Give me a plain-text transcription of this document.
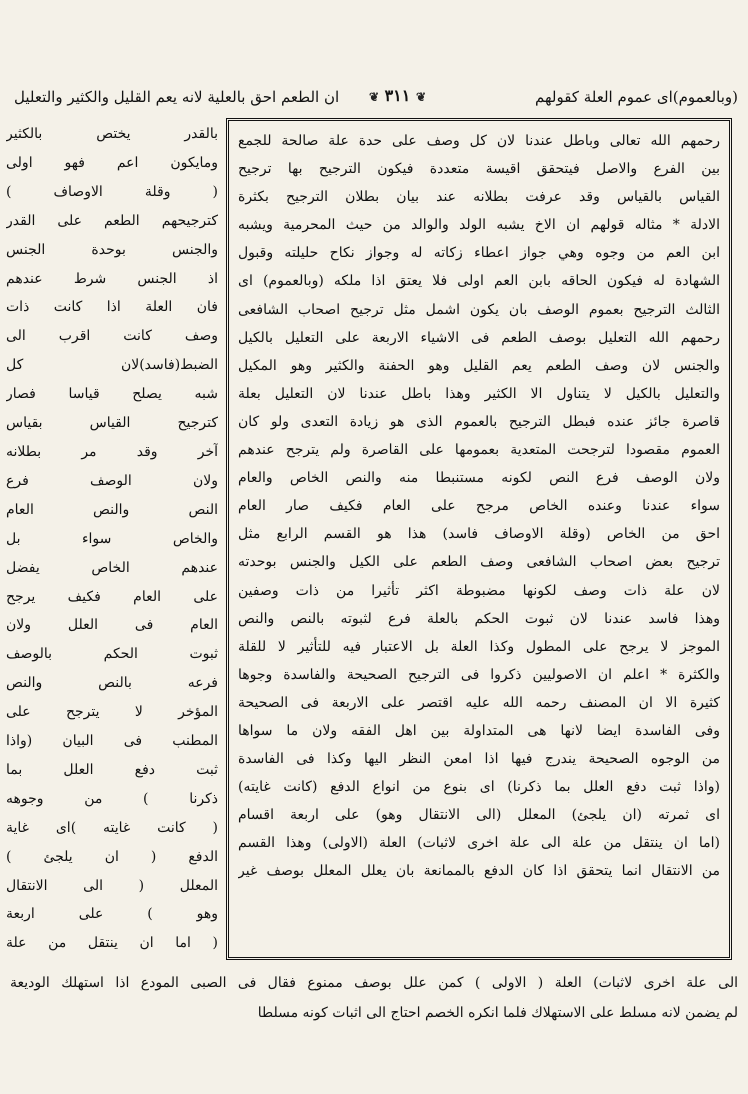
(وبالعموم)ای عموم العلة كقولهم
❦ ٣١١ ❦
ان الطعم احق بالعلية لانه يعم القليل والكثير والتعليل
رحمهم الله تعالى وباطل عندنا لان كل وصف على حدة علة صالحة للجمع
بين الفرع والاصل فيتحقق اقيسة متعددة فيكون الترجيح بها ترجيح
القياس بالقياس وقد عرفت بطلانه عند بيان بطلان الترجيح بكثرة
الادلة * مثاله قولهم ان الاخ يشبه الولد والوالد من حيث المحرمية ويشبه
ابن العم من وجوه وهي جواز اعطاء زكاته له وجواز نكاح حليلته وقبول
الشهادة له فيكون الحاقه بابن العم اولى فلا يعتق اذا ملكه (وبالعموم) اى
الثالث الترجيح بعموم الوصف بان يكون اشمل مثل ترجيح اصحاب الشافعى
رحمهم الله التعليل بوصف الطعم فى الاشياء الاربعة على التعليل بالكيل
والجنس لان وصف الطعم يعم القليل وهو الحفنة والكثير وهو المكيل
والتعليل بالكيل لا يتناول الا الكثير وهذا باطل عندنا لان التعليل بعلة
قاصرة جائز عنده فبطل الترجيح بالعموم الذى هو زيادة التعدى ولو كان
العموم مقصودا لترجحت المتعدية بعمومها على القاصرة ولم يترجح عندهم
ولان الوصف فرع النص لكونه مستنبطا منه والنص الخاص والعام
سواء عندنا وعنده الخاص مرجح على العام فكيف صار العام
احق من الخاص (وقلة الاوصاف فاسد) هذا هو القسم الرابع مثل
ترجيح بعض اصحاب الشافعى وصف الطعم على الكيل والجنس بوحدته
لان علة ذات وصف لكونها مضبوطة اكثر تأثيرا من ذات وصفين
وهذا فاسد عندنا لان ثبوت الحكم بالعلة فرع لثبوته بالنص والنص
الموجز لا يرجح على المطول وكذا العلة بل الاعتبار فيه للتأثير لا للقلة
والكثرة * اعلم ان الاصوليين ذكروا فى الترجيح الصحيحة والفاسدة وجوها
كثيرة الا ان المصنف رحمه الله عليه اقتصر على الاربعة فى الصحيحة
وفى الفاسدة ايضا لانها هى المتداولة بين اهل الفقه ولان ما سواها
من الوجوه الصحيحة يندرج فيها اذا امعن النظر اليها وكذا فى الفاسدة
(واذا ثبت دفع العلل بما ذكرنا) اى بنوع من انواع الدفع (كانت غايته)
اى ثمرته (ان يلجئ) المعلل (الى الانتقال وهو) على اربعة اقسام
(اما ان ينتقل من علة الى علة اخرى لاثبات) العلة (الاولى) وهذا القسم
من الانتقال انما يتحقق اذا كان الدفع بالممانعة بان يعلل المعلل بوصف غير
بالقدر يختص بالكثير
ومايكون اعم فهو اولى
( وقلة الاوصاف )
كترجيحهم الطعم على القدر
والجنس بوحدة الجنس
اذ الجنس شرط عندهم
فان العلة اذا كانت ذات
وصف كانت اقرب الى
الضبط(فاسد)لان كل
شبه يصلح قياسا فصار
كترجيح القياس بقياس
آخر وقد مر بطلانه
ولان الوصف فرع
النص والنص العام
والخاص سواء بل
عندهم الخاص يفضل
على العام فكيف يرجح
العام فى العلل ولان
ثبوت الحكم بالوصف
فرعه بالنص والنص
المؤخر لا يترجح على
المطنب فى البيان (واذا
ثبت دفع العلل بما
ذكرنا ) من وجوهه
( كانت غايته )اى غاية
الدفع ( ان يلجئ )
المعلل ( الى الانتقال
وهو ) على اربعة
( اما ان ينتقل من علة
الى علة اخرى لاثبات) العلة ( الاولى ) كمن علل بوصف ممنوع فقال فى الصبى المودع اذا استهلك الوديعة
لم يضمن لانه مسلط على الاستهلاك فلما انكره الخصم احتاج الى اثبات كونه مسلطا
